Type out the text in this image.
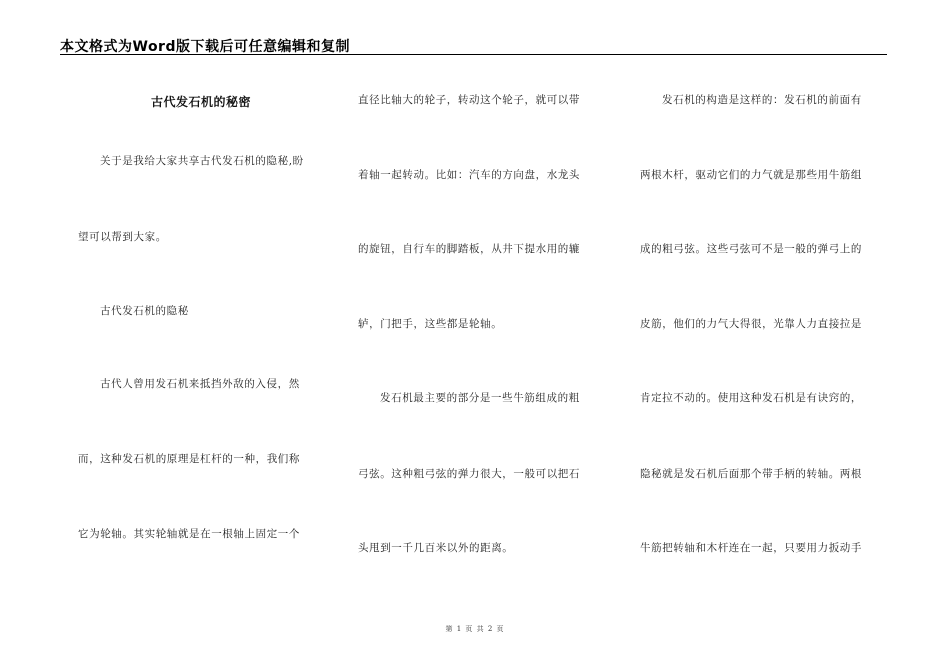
本文格式为Word版下载后可任意编辑和复制
古代发石机的秘密
关于是我给大家共享古代发石机的隐秘,盼
望可以帮到大家。
古代发石机的隐秘
古代人曾用发石机来抵挡外敌的入侵，然
而，这种发石机的原理是杠杆的一种，我们称
它为轮轴。其实轮轴就是在一根轴上固定一个
直径比轴大的轮子，转动这个轮子，就可以带
着轴一起转动。比如：汽车的方向盘，水龙头
的旋钮，自行车的脚踏板，从井下提水用的辘
轳，门把手，这些都是轮轴。
发石机最主要的部分是一些牛筋组成的粗
弓弦。这种粗弓弦的弹力很大，一般可以把石
头甩到一千几百米以外的距离。
发石机的构造是这样的：发石机的前面有
两根木杆，驱动它们的力气就是那些用牛筋组
成的粗弓弦。这些弓弦可不是一般的弹弓上的
皮筋，他们的力气大得很，光靠人力直接拉是
肯定拉不动的。使用这种发石机是有诀窍的，
隐秘就是发石机后面那个带手柄的转轴。两根
牛筋把转轴和木杆连在一起，只要用力扳动手
第 1 页 共 2 页
